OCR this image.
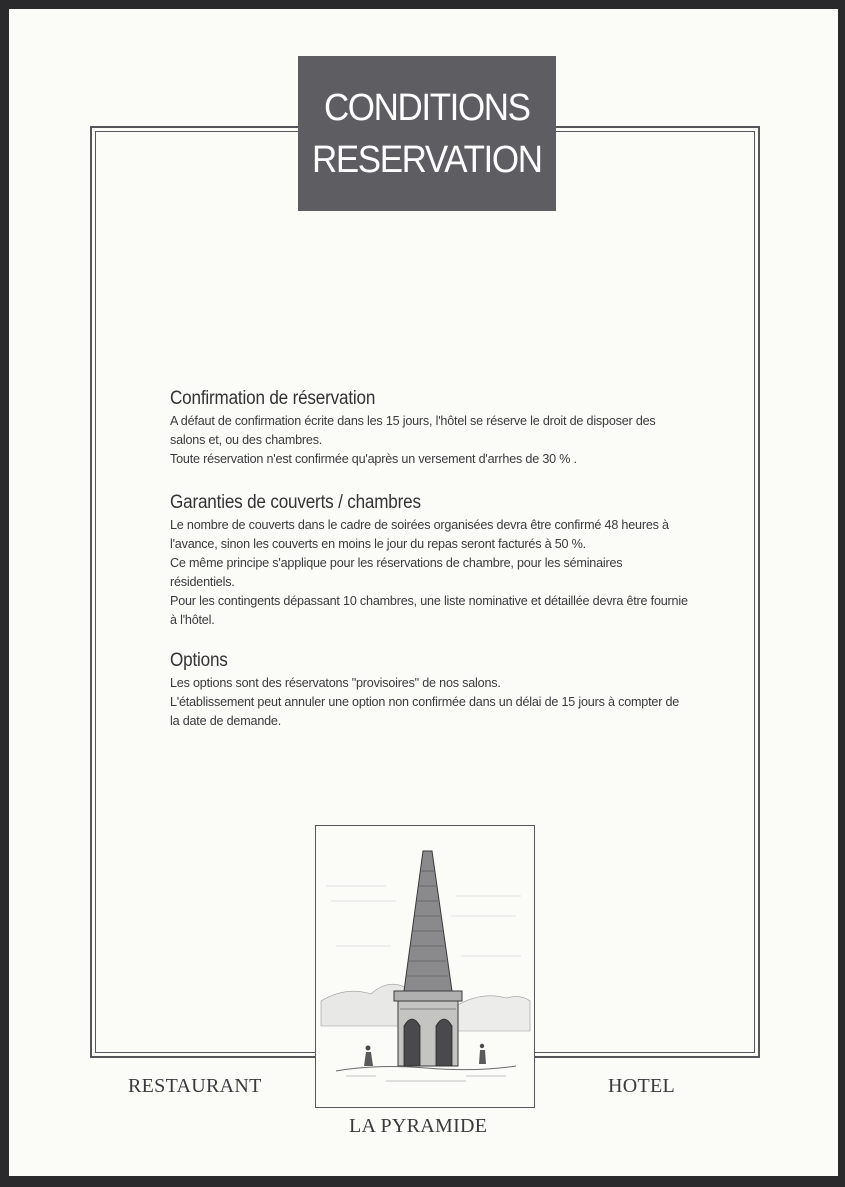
CONDITIONS
RESERVATION
Confirmation de réservation

A défaut de confirmation écrite dans les 15 jours, l'hôtel se réserve le droit de disposer des salons et, ou des chambres.

Toute réservation n'est confirmée qu'après un versement d'arrhes de 30 % .

Garanties de couverts / chambres

Le nombre de couverts dans le cadre de soirées organisées devra être confirmé 48 heures à l'avance, sinon les couverts en moins le jour du repas seront facturés à 50 %.

Ce même principe s'applique pour les réservations de chambre, pour les séminaires résidentiels.

Pour les contingents dépassant 10 chambres, une liste nominative et détaillée devra être fournie à l'hôtel.

Options

Les options sont des réservatons "provisoires" de nos salons.

L'établissement peut annuler une option non confirmée dans un délai de 15 jours à compter de la date de demande.

RESTAURANT	HOTEL
LA PYRAMIDE
